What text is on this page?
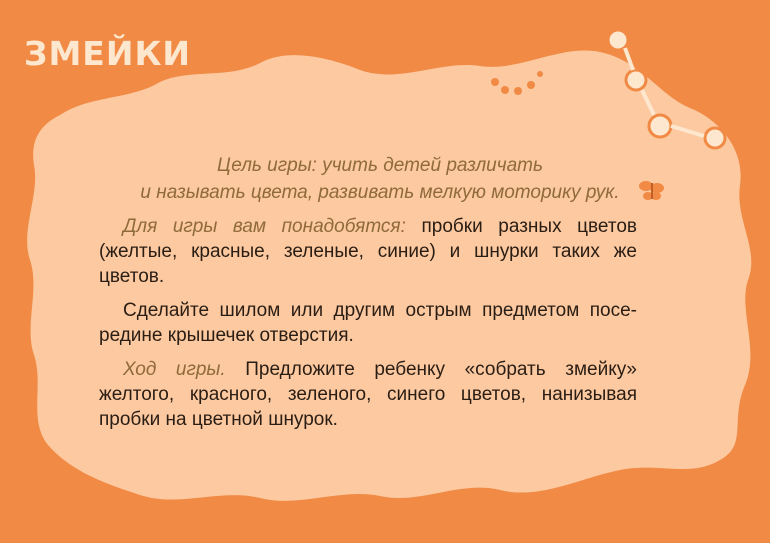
ЗМЕЙКИ

Цель игры: учить детей различать
и называть цвета, развивать мелкую моторику рук.

Для игры вам понадобятся: пробки разных цветов (желтые, красные, зеленые, синие) и шнурки таких же цветов.

Сделайте шилом или другим острым предметом посе-редине крышечек отверстия.

Ход игры. Предложите ребенку «собрать змейку» желтого, красного, зеленого, синего цветов, нанизывая пробки на цветной шнурок.
